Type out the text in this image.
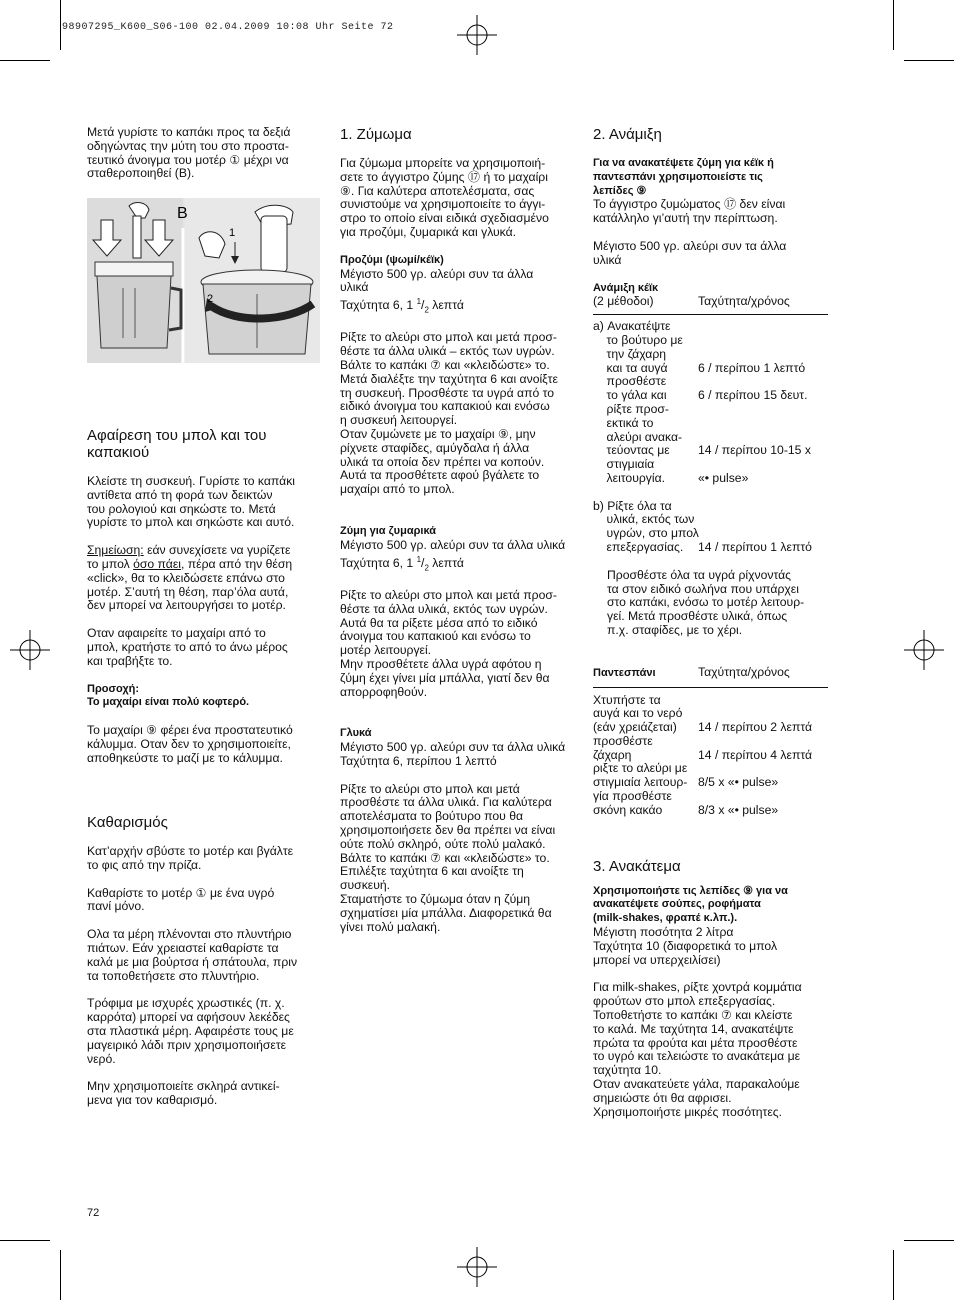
98907295_K600_S06-100 02.04.2009 10:08 Uhr Seite 72
Μετά γυρίστε το καπάκι προς τα δεξιά
οδηγώντας την μύτη του στο προστα-
τευτικό άνοιγμα του μοτέρ ① μέχρι να
σταθεροποιηθεί (B).
B
1
2
Αφαίρεση του μπολ και του
καπακιού
Κλείστε τη συσκευή. Γυρίστε το καπάκι
αντίθετα από τη φορά των δεικτών
του ρολογιού και σηκώστε το. Μετά
γυρίστε το μπολ και σηκώστε και αυτό.
Σημείωση: εάν συνεχίσετε να γυρίζετε
το μπολ όσο πάει, πέρα από την θέση
«click», θα το κλειδώσετε επάνω στο
μοτέρ. Σ’αυτή τη θέση, παρ’όλα αυτά,
δεν μπορεί να λειτουργήσει το μοτέρ.
Οταν αφαιρείτε το μαχαίρι από το
μπολ, κρατήστε το από το άνω μέρος
και τραβήξτε το.
Προσοχή:
Το μαχαίρι είναι πολύ κοφτερό.
Το μαχαίρι ⑨ φέρει ένα προστατευτικό
κάλυμμα. Οταν δεν το χρησιμοποιείτε,
αποθηκεύστε το μαζί με το κάλυμμα.
Καθαρισμός
Κατ’αρχήν σβύστε το μοτέρ και βγάλτε
το φις από την πρίζα.
Καθαρίστε το μοτέρ ① με ένα υγρό
πανί μόνο.
Ολα τα μέρη πλένονται στο πλυντήριο
πιάτων. Εάν χρειαστεί καθαρίστε τα
καλά με μια βούρτσα ή σπάτουλα, πριν
τα τοποθετήσετε στο πλυντήριο.
Τρόφιμα με ισχυρές χρωστικές (π. χ.
καρρότα) μπορεί να αφήσουν λεκέδες
στα πλαστικά μέρη. Αφαιρέστε τους με
μαγειρικό λάδι πριν χρησιμοποιήσετε
νερό.
Μην χρησιμοποιείτε σκληρά αντικεί-
μενα για τον καθαρισμό.
1. Ζύμωμα
Για ζύμωμα μπορείτε να χρησιμοποιή-
σετε το άγγιστρο ζύμης ⑰ ή το μαχαίρι
⑨. Για καλύτερα αποτελέσματα, σας
συνιστούμε να χρησιμοποιείτε το άγγι-
στρο το οποίο είναι ειδικά σχεδιασμένο
για προζύμι, ζυμαρικά και γλυκά.
Προζύμι (ψωμί/κέϊκ)
Μέγιστο 500 γρ. αλεύρι συν τα άλλα
υλικά
Ταχύτητα 6, 1 $^1/_2$ λεπτά
Ρίξτε το αλεύρι στο μπολ και μετά προσ-
θέστε τα άλλα υλικά – εκτός των υγρών.
Βάλτε το καπάκι ⑦ και «κλειδώστε» το.
Μετά διαλέξτε την ταχύτητα 6 και ανοίξτε
τη συσκευή. Προσθέστε τα υγρά από το
ειδικό άνοιγμα του καπακιού και ενόσω
η συσκευή λειτουργεί.
Οταν ζυμώνετε με το μαχαίρι ⑨, μην
ρίχνετε σταφίδες, αμύγδαλα ή άλλα
υλικά τα οποία δεν πρέπει να κοπούν.
Αυτά τα προσθέτετε αφού βγάλετε το
μαχαίρι από το μπολ.
Ζύμη για ζυμαρικά
Μέγιστο 500 γρ. αλεύρι συν τα άλλα υλικά
Ταχύτητα 6, 1 $^1/_2$ λεπτά
Ρίξτε το αλεύρι στο μπολ και μετά προσ-
θέστε τα άλλα υλικά, εκτός των υγρών.
Αυτά θα τα ρίξετε μέσα από το ειδικό
άνοιγμα του καπακιού και ενόσω το
μοτέρ λειτουργεί.
Μην προσθέτετε άλλα υγρά αφότου η
ζύμη έχει γίνει μία μπάλλα, γιατί δεν θα
απορροφηθούν.
Γλυκά
Μέγιστο 500 γρ. αλεύρι συν τα άλλα υλικά
Ταχύτητα 6, περίπου 1 λεπτό
Ρίξτε το αλεύρι στο μπολ και μετά
προσθέστε τα άλλα υλικά. Για καλύτερα
αποτελέσματα το βούτυρο που θα
χρησιμοποιήσετε δεν θα πρέπει να είναι
ούτε πολύ σκληρό, ούτε πολύ μαλακό.
Βάλτε το καπάκι ⑦ και «κλειδώστε» το.
Επιλέξτε ταχύτητα 6 και ανοίξτε τη
συσκευή.
Σταματήστε το ζύμωμα όταν η ζύμη
σχηματίσει μία μπάλλα. Διαφορετικά θα
γίνει πολύ μαλακή.
2. Ανάμιξη
Για να ανακατέψετε ζύμη για κέϊκ ή
παντεσπάνι χρησιμοποιείστε τις
λεπίδες ⑨
Το άγγιστρο ζυμώματος ⑰ δεν είναι
κατάλληλο γι’αυτή την περίπτωση.
Μέγιστο 500 γρ. αλεύρι συν τα άλλα
υλικά
Ανάμιξη κέϊκ
(2 μέθοδοι)	Ταχύτητα/χρόνος
a) Ανακατέψτε
το βούτυρο με
την ζάχαρη
και τα αυγά 6 / περίπου 1 λεπτό
προσθέστε
το γάλα και	6 / περίπου 15 δευτ.
ρίξτε προσ-
εκτικά το
αλεύρι ανακα-
τεύοντας με 14 / περίπου 10-15 x
στιγμιαία
λειτουργία.	«• pulse»
b) Ρίξτε όλα τα
υλικά, εκτός των
υγρών, στο μπολ
επεξεργασίας. 14 / περίπου 1 λεπτό
Προσθέστε όλα τα υγρά ρίχνοντάς
τα στον ειδικό σωλήνα που υπάρχει
στο καπάκι, ενόσω το μοτέρ λειτουρ-
γεί. Μετά προσθέστε υλικά, όπως
π.χ. σταφίδες, με το χέρι.
Παντεσπάνι	Ταχύτητα/χρόνος
Χτυπήστε τα
αυγά και το νερό
(εάν χρειάζεται) 14 / περίπου 2 λεπτά
προσθέστε
ζάχαρη	14 / περίπου 4 λεπτά
ριξτε το αλεύρι με
στιγμιαία λειτουρ- 8/5 x «• pulse»
γία προσθέστε
σκόνη κακάο	8/3 x «• pulse»
3. Ανακάτεμα
Χρησιμοποιήστε τις λεπίδες ⑨ για να
ανακατέψετε σούπες, ροφήματα
(milk-shakes, φραπέ κ.λπ.).
Μέγιστη ποσότητα 2 λίτρα
Ταχύτητα 10 (διαφορετικά το μπολ
μπορεί να υπερχειλίσει)
Για milk-shakes, ρίξτε χοντρά κομμάτια
φρούτων στο μπολ επεξεργασίας.
Τοποθετήστε το καπάκι ⑦ και κλείστε
το καλά. Με ταχύτητα 14, ανακατέψτε
πρώτα τα φρούτα και μέτα προσθέστε
το υγρό και τελειώστε το ανακάτεμα με
ταχύτητα 10.
Οταν ανακατεύετε γάλα, παρακαλούμε
σημειώστε ότι θα αφρισει.
Χρησιμοποιήστε μικρές ποσότητες.
72
